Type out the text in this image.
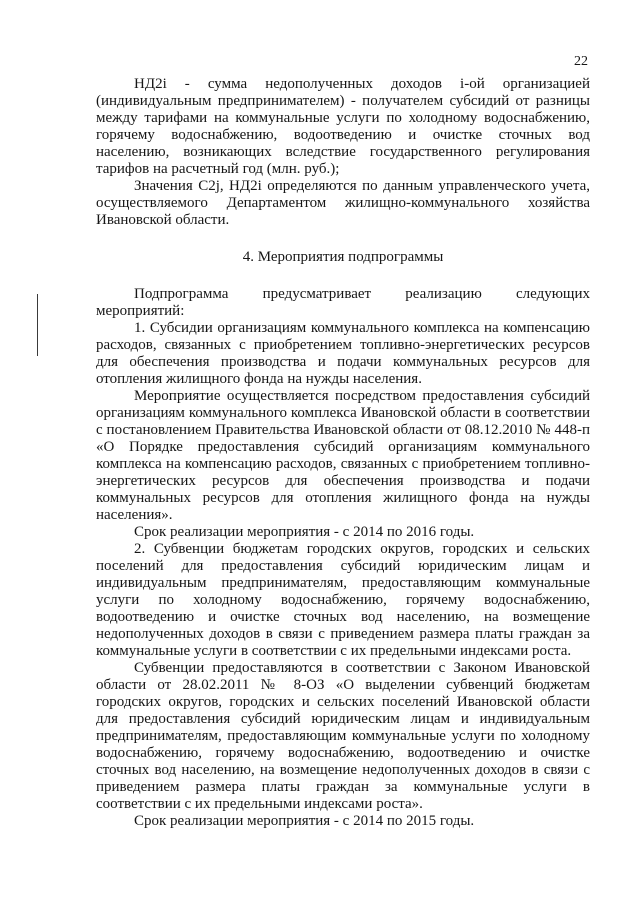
22

НД2i - сумма недополученных доходов i-ой организацией (индивидуальным предпринимателем) - получателем субсидий от разницы между тарифами на коммунальные услуги по холодному водоснабжению, горячему водоснабжению, водоотведению и очистке сточных вод населению, возникающих вследствие государственного регулирования тарифов на расчетный год (млн. руб.);

Значения C2j, НД2i определяются по данным управленческого учета, осуществляемого Департаментом жилищно-коммунального хозяйства Ивановской области.

4. Мероприятия подпрограммы

Подпрограмма предусматривает реализацию следующих мероприятий:

1. Субсидии организациям коммунального комплекса на компенсацию расходов, связанных с приобретением топливно-энергетических ресурсов для обеспечения производства и подачи коммунальных ресурсов для отопления жилищного фонда на нужды населения.

Мероприятие осуществляется посредством предоставления субсидий организациям коммунального комплекса Ивановской области в соответствии с постановлением Правительства Ивановской области от 08.12.2010 № 448-п «О Порядке предоставления субсидий организациям коммунального комплекса на компенсацию расходов, связанных с приобретением топливно-энергетических ресурсов для обеспечения производства и подачи коммунальных ресурсов для отопления жилищного фонда на нужды населения».

Срок реализации мероприятия - с 2014 по 2016 годы.

2. Субвенции бюджетам городских округов, городских и сельских поселений для предоставления субсидий юридическим лицам и индивидуальным предпринимателям, предоставляющим коммунальные услуги по холодному водоснабжению, горячему водоснабжению, водоотведению и очистке сточных вод населению, на возмещение недополученных доходов в связи с приведением размера платы граждан за коммунальные услуги в соответствии с их предельными индексами роста.

Субвенции предоставляются в соответствии с Законом Ивановской области от 28.02.2011 № 8-ОЗ «О выделении субвенций бюджетам городских округов, городских и сельских поселений Ивановской области для предоставления субсидий юридическим лицам и индивидуальным предпринимателям, предоставляющим коммунальные услуги по холодному водоснабжению, горячему водоснабжению, водоотведению и очистке сточных вод населению, на возмещение недополученных доходов в связи с приведением размера платы граждан за коммунальные услуги в соответствии с их предельными индексами роста».

Срок реализации мероприятия - с 2014 по 2015 годы.
